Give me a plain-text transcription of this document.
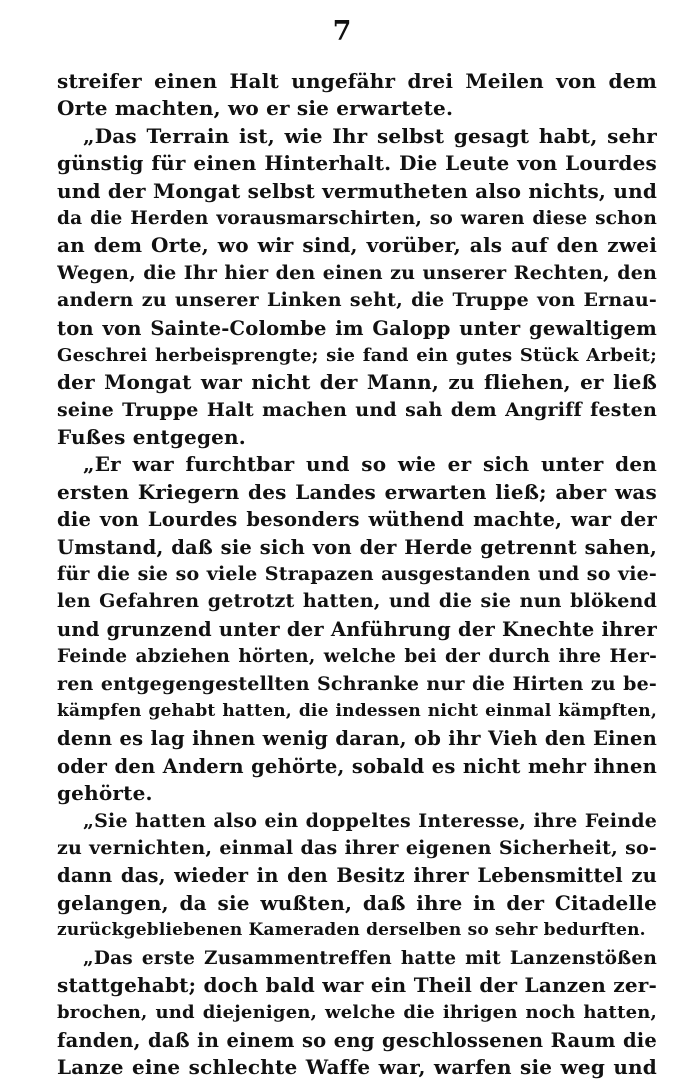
7
streifer einen Halt ungefähr drei Meilen von dem
Orte machten, wo er sie erwartete.
„Das Terrain ist, wie Ihr selbst gesagt habt, sehr
günstig für einen Hinterhalt. Die Leute von Lourdes
und der Mongat selbst vermutheten also nichts, und
da die Herden vorausmarschirten, so waren diese schon
an dem Orte, wo wir sind, vorüber, als auf den zwei
Wegen, die Ihr hier den einen zu unserer Rechten, den
andern zu unserer Linken seht, die Truppe von Ernau-
ton von Sainte-Colombe im Galopp unter gewaltigem
Geschrei herbeisprengte; sie fand ein gutes Stück Arbeit;
der Mongat war nicht der Mann, zu fliehen, er ließ
seine Truppe Halt machen und sah dem Angriff festen
Fußes entgegen.
„Er war furchtbar und so wie er sich unter den
ersten Kriegern des Landes erwarten ließ; aber was
die von Lourdes besonders wüthend machte, war der
Umstand, daß sie sich von der Herde getrennt sahen,
für die sie so viele Strapazen ausgestanden und so vie-
len Gefahren getrotzt hatten, und die sie nun blökend
und grunzend unter der Anführung der Knechte ihrer
Feinde abziehen hörten, welche bei der durch ihre Her-
ren entgegengestellten Schranke nur die Hirten zu be-
kämpfen gehabt hatten, die indessen nicht einmal kämpften,
denn es lag ihnen wenig daran, ob ihr Vieh den Einen
oder den Andern gehörte, sobald es nicht mehr ihnen
gehörte.
„Sie hatten also ein doppeltes Interesse, ihre Feinde
zu vernichten, einmal das ihrer eigenen Sicherheit, so-
dann das, wieder in den Besitz ihrer Lebensmittel zu
gelangen, da sie wußten, daß ihre in der Citadelle
zurückgebliebenen Kameraden derselben so sehr bedurften.
„Das erste Zusammentreffen hatte mit Lanzenstößen
stattgehabt; doch bald war ein Theil der Lanzen zer-
brochen, und diejenigen, welche die ihrigen noch hatten,
fanden, daß in einem so eng geschlossenen Raum die
Lanze eine schlechte Waffe war, warfen sie weg und
